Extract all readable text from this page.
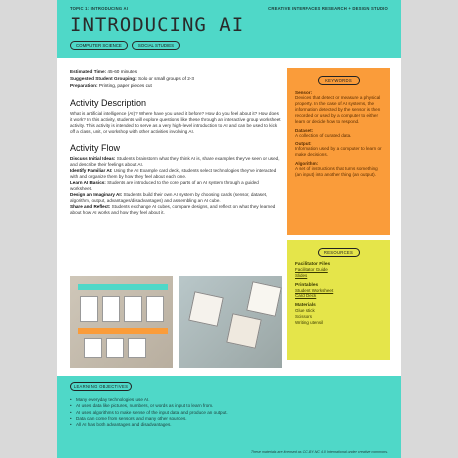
TOPIC 1: INTRODUCING AI	CREATIVE INTERFACES RESEARCH + DESIGN STUDIO
INTRODUCING AI
COMPUTER SCIENCE	SOCIAL STUDIES
Estimated Time: 45-60 minutes
Suggested Student Grouping: Solo or small groups of 2-3
Preparation: Printing, paper pieces cut
Activity Description
What is artificial intelligence (AI)? Where have you used it before? How do you feel about it? How does it work? In this activity, students will explore questions like these through an interactive group worksheet activity. This activity is intended to serve as a very high-level introduction to AI and can be used to kick off a class, unit, or workshop with other activities involving AI.
Activity Flow
Discuss Initial Ideas: Students brainstorm what they think AI is, share examples they've seen or used, and describe their feelings about AI.
Identify Familiar AI: Using the AI Example card deck, students select technologies they've interacted with and organize them by how they feel about each one.
Learn AI Basics: Students are introduced to the core parts of an AI system through a guided worksheet.
Design an Imaginary AI: Students build their own AI system by choosing cards (sensor, dataset, algorithm, output, advantages/disadvantages) and assembling an AI cube.
Share and Reflect: Students exchange AI cubes, compare designs, and reflect on what they learned about how AI works and how they feel about it.
KEYWORDS
Sensor:
Devices that detect or measure a physical property. In the case of AI systems, the information detected by the sensor is then recorded or used by a computer to either learn or decide how to respond.
Dataset:
A collection of curated data.
Output:
Information used by a computer to learn or make decisions.
Algorithm:
A set of instructions that turns something (an input) into another thing (an output).
RESOURCES
Facilitator Files
Facilitator Guide
Slides
Printables
Student Worksheet
Card Deck
Materials
Glue stick
Scissors
Writing utensil
LEARNING OBJECTIVES
• Many everyday technologies use AI.
• AI uses data like pictures, numbers, or words as input to learn from.
• AI uses algorithms to make sense of the input data and produce an output.
• Data can come from sensors and many other sources.
• All AI has both advantages and disadvantages.
These materials are licensed as CC-BY-NC 4.0 International under creative commons.
